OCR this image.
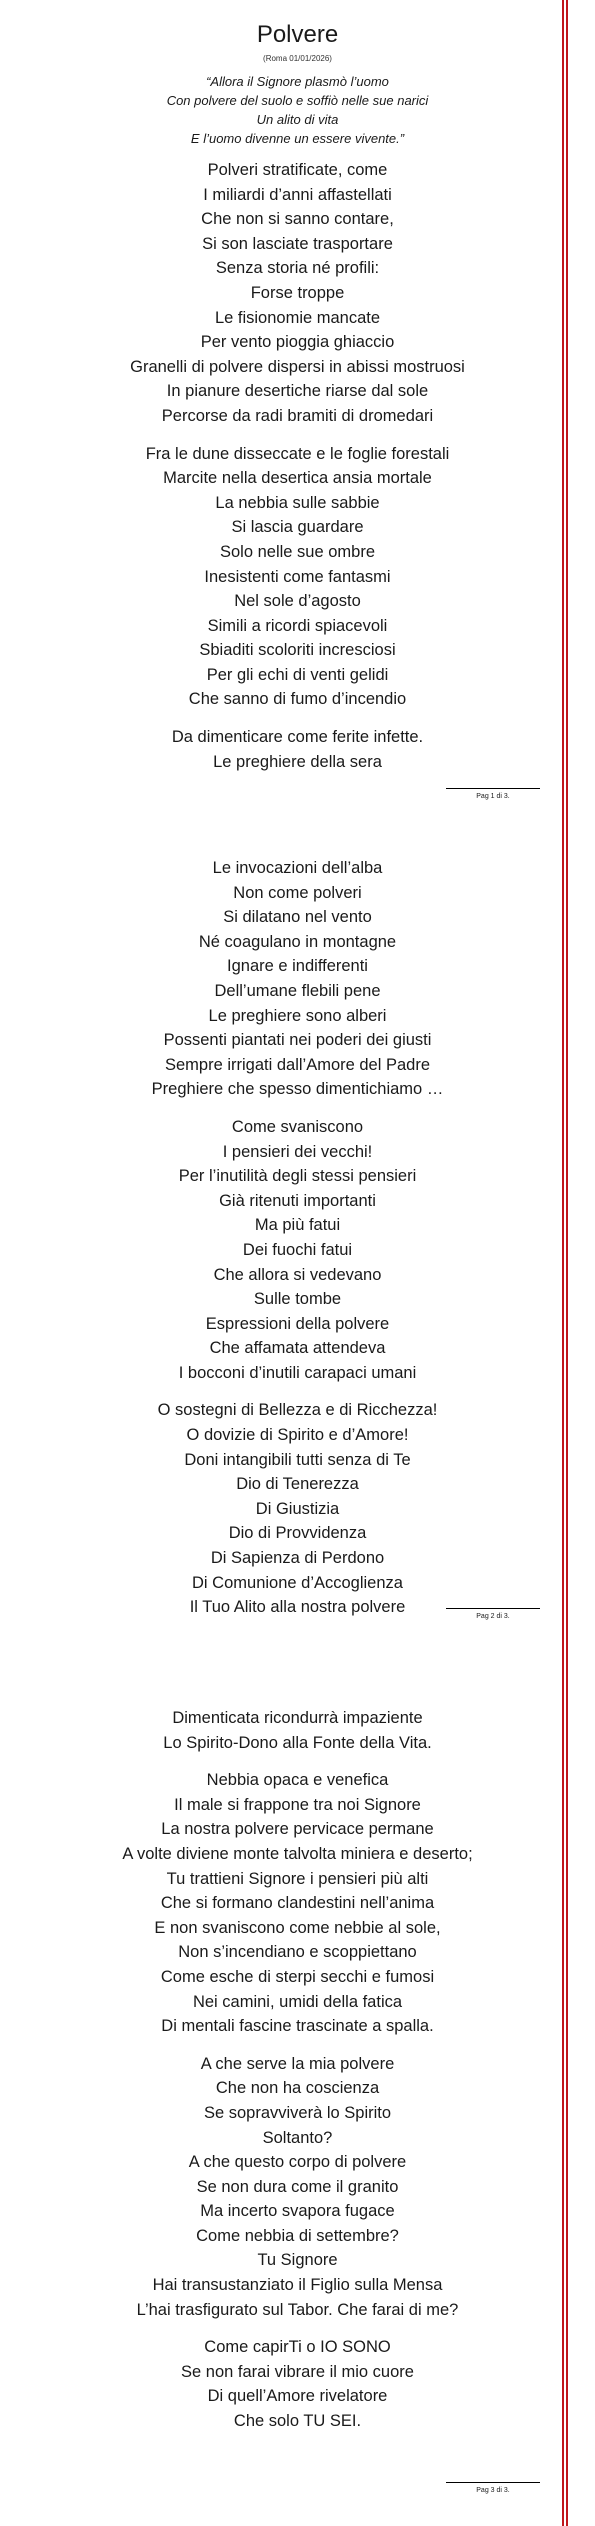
Polvere
(Roma 01/01/2026)
“Allora il Signore plasmò l’uomo
Con polvere del suolo e soffiò nelle sue narici
Un alito di vita
E l’uomo divenne un essere vivente.”
Polveri stratificate, come
I miliardi d’anni affastellati
Che non si sanno contare,
Si son lasciate trasportare
Senza storia né profili:
Forse troppe
Le fisionomie mancate
Per vento pioggia ghiaccio
Granelli di polvere dispersi in abissi mostruosi
In pianure desertiche riarse dal sole
Percorse da radi bramiti di dromedari
Fra le dune disseccate e le foglie forestali
Marcite nella desertica ansia mortale
La nebbia sulle sabbie
Si lascia guardare
Solo nelle sue ombre
Inesistenti come fantasmi
Nel sole d’agosto
Simili a ricordi spiacevoli
Sbiaditi scoloriti incresciosi
Per gli echi di venti gelidi
Che sanno di fumo d’incendio
Da dimenticare come ferite infette.
Le preghiere della sera
Pag 1 di 3.
Le invocazioni dell’alba
Non come polveri
Si dilatano nel vento
Né coagulano in montagne
Ignare e indifferenti
Dell’umane flebili pene
Le preghiere sono alberi
Possenti piantati nei poderi dei giusti
Sempre irrigati dall’Amore del Padre
Preghiere che spesso dimentichiamo …
Come svaniscono
I pensieri dei vecchi!
Per l’inutilità degli stessi pensieri
Già ritenuti importanti
Ma più fatui
Dei fuochi fatui
Che allora si vedevano
Sulle tombe
Espressioni della polvere
Che affamata attendeva
I bocconi d’inutili carapaci umani
O sostegni di Bellezza e di Ricchezza!
O dovizie di Spirito e d’Amore!
Doni intangibili tutti senza di Te
Dio di Tenerezza
Di Giustizia
Dio di Provvidenza
Di Sapienza di Perdono
Di Comunione d’Accoglienza
Il Tuo Alito alla nostra polvere
Pag 2 di 3.
Dimenticata ricondurrà impaziente
Lo Spirito-Dono alla Fonte della Vita.
Nebbia opaca e venefica
Il male si frappone tra noi Signore
La nostra polvere pervicace permane
A volte diviene monte talvolta miniera e deserto;
Tu trattieni Signore i pensieri più alti
Che si formano clandestini nell’anima
E non svaniscono come nebbie al sole,
Non s’incendiano e scoppiettano
Come esche di sterpi secchi e fumosi
Nei camini, umidi della fatica
Di mentali fascine trascinate a spalla.
A che serve la mia polvere
Che non ha coscienza
Se sopravviverà lo Spirito
Soltanto?
A che questo corpo di polvere
Se non dura come il granito
Ma incerto svapora fugace
Come nebbia di settembre?
Tu Signore
Hai transustanziato il Figlio sulla Mensa
L’hai trasfigurato sul Tabor. Che farai di me?
Come capirTi o IO SONO
Se non farai vibrare il mio cuore
Di quell’Amore rivelatore
Che solo TU SEI.
Pag 3 di 3.
